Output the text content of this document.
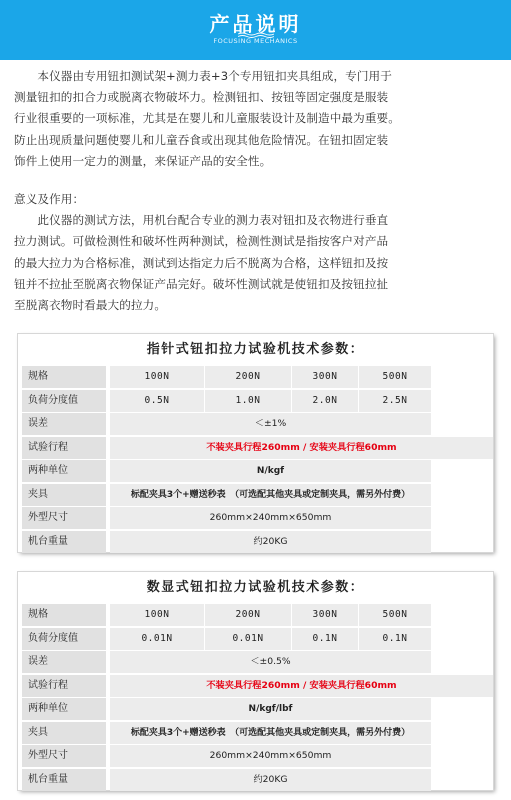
产品说明
FOCUSING MECHANICS
　　本仪器由专用钮扣测试架+测力表+3个专用钮扣夹具组成，专门用于
测量钮扣的扣合力或脱离衣物破坏力。检测钮扣、按钮等固定强度是服装
行业很重要的一项标准，尤其是在婴儿和儿童服装设计及制造中最为重要。
防止出现质量问题使婴儿和儿童吞食或出现其他危险情况。在钮扣固定装
饰件上使用一定力的测量，来保证产品的安全性。
意义及作用：
　　此仪器的测试方法，用机台配合专业的测力表对钮扣及衣物进行垂直
拉力测试。可做检测性和破坏性两种测试，检测性测试是指按客户对产品
的最大拉力为合格标准，测试到达指定力后不脱离为合格，这样钮扣及按
钮并不拉扯至脱离衣物保证产品完好。破坏性测试就是使钮扣及按钮拉扯
至脱离衣物时看最大的拉力。
指针式钮扣拉力试验机技术参数：
规格	100N	200N	300N	500N
负荷分度值	0.5N	1.0N	2.0N	2.5N
误差	＜±1%
试验行程	不装夹具行程260mm / 安装夹具行程60mm
两种单位	N/kgf
夹具	标配夹具3个+赠送秒表　（可选配其他夹具或定制夹具，需另外付费）
外型尺寸	260mm×240mm×650mm
机台重量	约20KG
数显式钮扣拉力试验机技术参数：
规格	100N	200N	300N	500N
负荷分度值	0.01N	0.01N	0.1N	0.1N
误差	＜±0.5%
试验行程	不装夹具行程260mm / 安装夹具行程60mm
两种单位	N/kgf/lbf
夹具	标配夹具3个+赠送秒表　（可选配其他夹具或定制夹具，需另外付费）
外型尺寸	260mm×240mm×650mm
机台重量	约20KG
